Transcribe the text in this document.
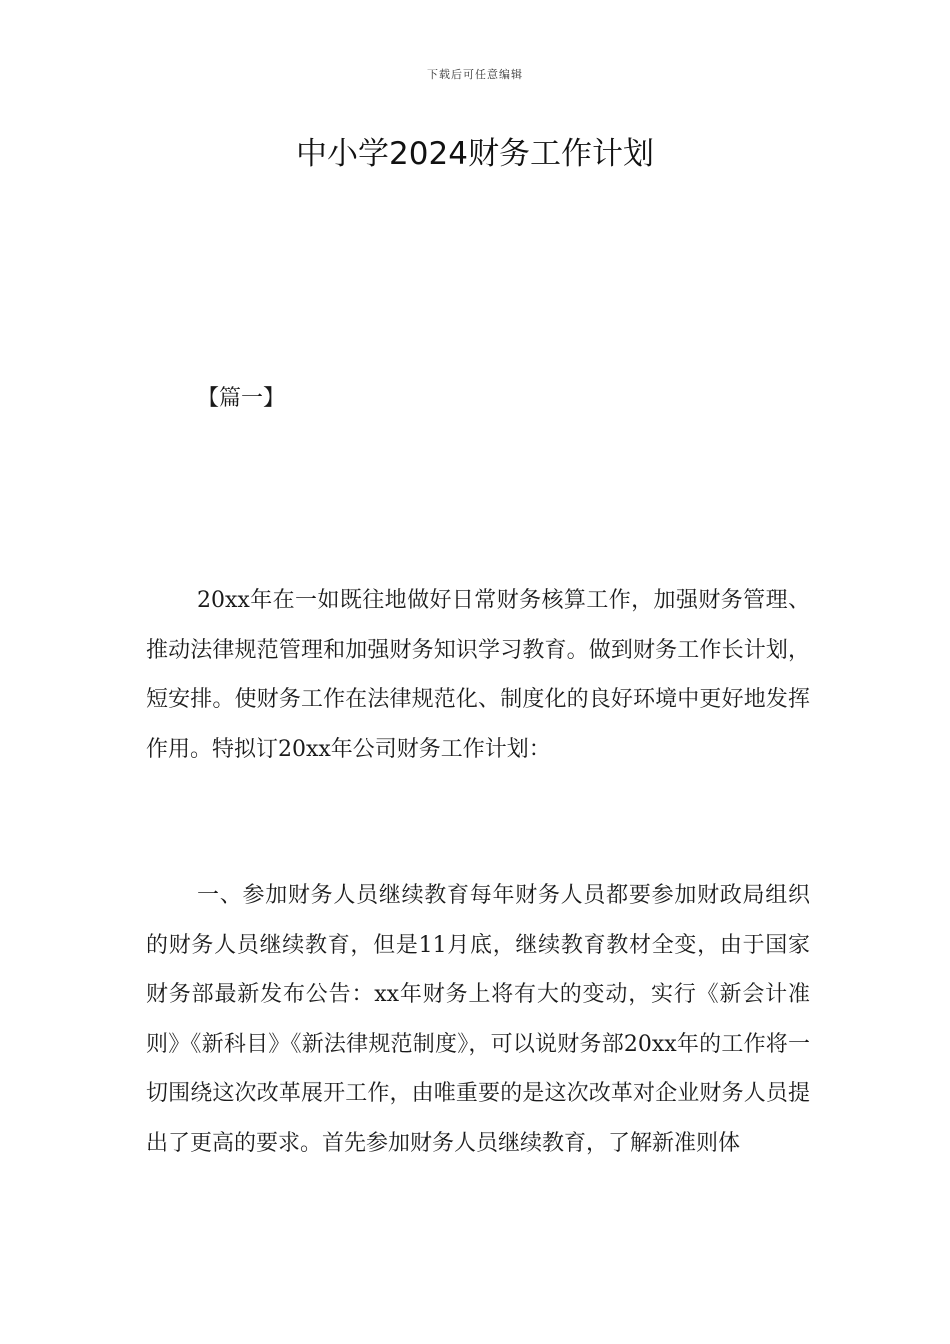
下载后可任意编辑
中小学2024财务工作计划

【篇一】

20xx年在一如既往地做好日常财务核算工作，加强财务管理、推动法律规范管理和加强财务知识学习教育。做到财务工作长计划，短安排。使财务工作在法律规范化、制度化的良好环境中更好地发挥作用。特拟订20xx年公司财务工作计划：

一、参加财务人员继续教育每年财务人员都要参加财政局组织的财务人员继续教育，但是11月底，继续教育教材全变，由于国家财务部最新发布公告：xx年财务上将有大的变动，实行《新会计准则》《新科目》《新法律规范制度》，可以说财务部20xx年的工作将一切围绕这次改革展开工作，由唯重要的是这次改革对企业财务人员提出了更高的要求。首先参加财务人员继续教育，了解新准则体
